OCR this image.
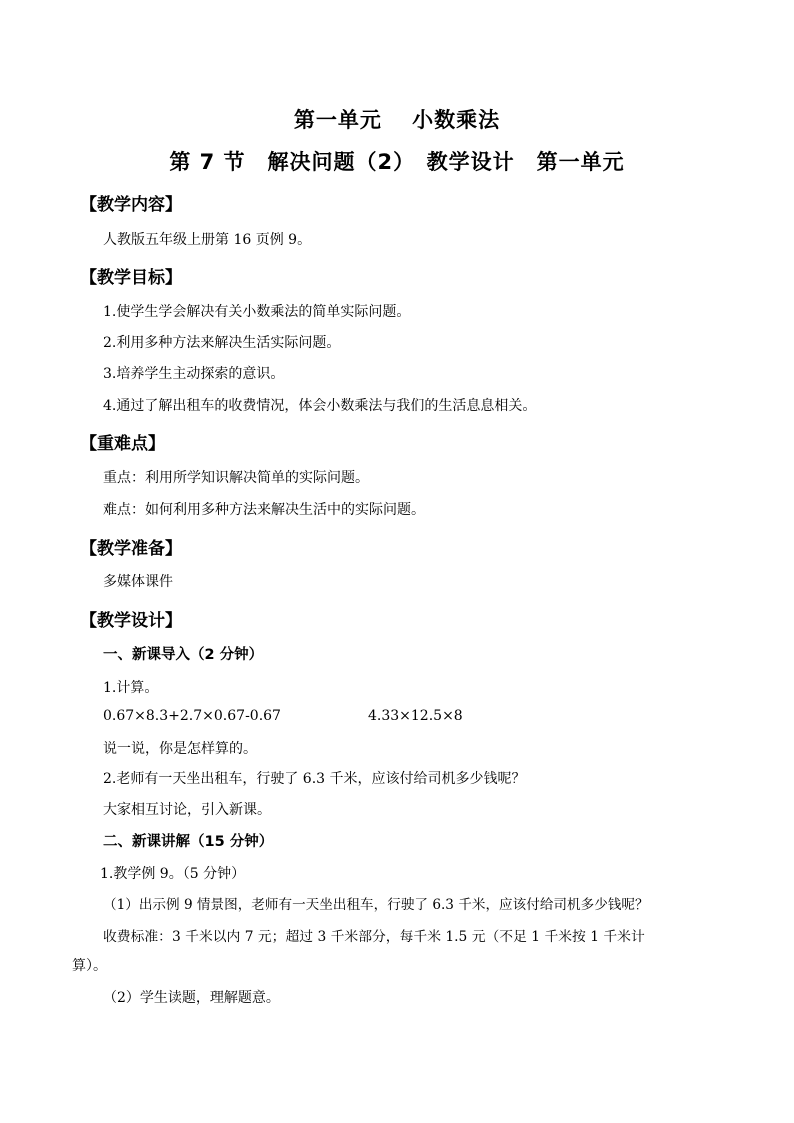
第一单元　 小数乘法
第 7 节　解决问题（2）　教学设计　第一单元
【教学内容】
人教版五年级上册第 16 页例 9。
【教学目标】
1.使学生学会解决有关小数乘法的简单实际问题。
2.利用多种方法来解决生活实际问题。
3.培养学生主动探索的意识。
4.通过了解出租车的收费情况，体会小数乘法与我们的生活息息相关。
【重难点】
重点：利用所学知识解决简单的实际问题。
难点：如何利用多种方法来解决生活中的实际问题。
【教学准备】
多媒体课件
【教学设计】
一、新课导入（2 分钟）
1.计算。
0.67×8.3+2.7×0.67-0.67	4.33×12.5×8
说一说，你是怎样算的。
2.老师有一天坐出租车，行驶了 6.3 千米，应该付给司机多少钱呢？
大家相互讨论，引入新课。
二、新课讲解（15 分钟）
1.教学例 9。（5 分钟）
（1）出示例 9 情景图，老师有一天坐出租车，行驶了 6.3 千米，应该付给司机多少钱呢？
收费标准：3 千米以内 7 元；超过 3 千米部分，每千米 1.5 元（不足 1 千米按 1 千米计
算）。
（2）学生读题，理解题意。
